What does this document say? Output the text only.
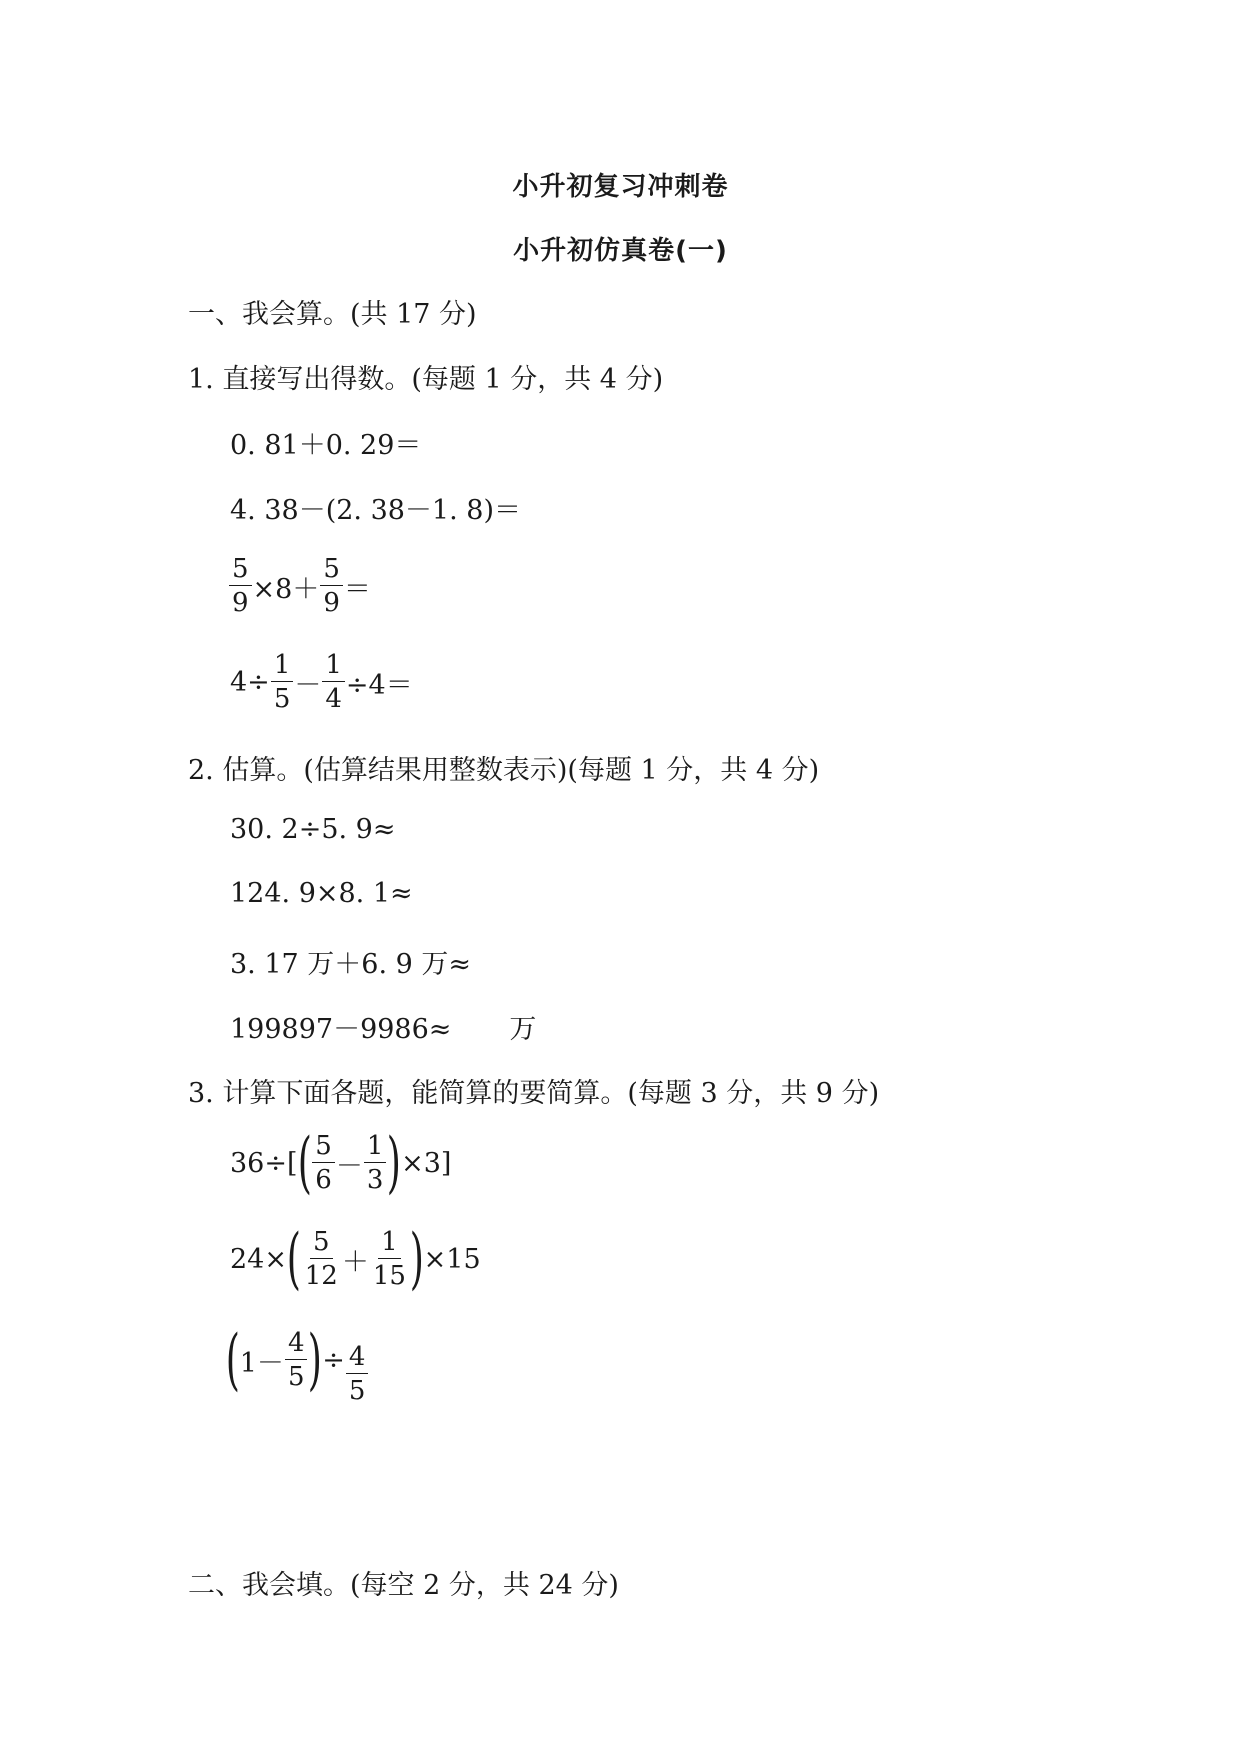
小升初复习冲刺卷
小升初仿真卷(一)
一、我会算。(共 17 分)
1. 直接写出得数。(每题 1 分，共 4 分)
0. 81＋0. 29＝
4. 38－(2. 38－1. 8)＝
$\frac{5}{9} \times 8+ \frac{5}{9}$ ＝
$4\div \frac{1}{5} - \frac{1}{4} \div 4=$
2. 估算。(估算结果用整数表示)(每题 1 分，共 4 分)
30. 2÷5. 9≈
124. 9×8. 1≈
3. 17 万＋6. 9 万≈
199897－9986≈ 万
3. 计算下面各题，能简算的要简算。(每题 3 分，共 9 分)
36÷[ ( $\frac{5}{6} - \frac{1}{3}$ ) ×3]
24× ( $\frac{5}{12} + \frac{1}{15}$ ) ×15
( $1- \frac{4}{5}$ ) ÷ $\frac{4}{5}$
二、我会填。(每空 2 分，共 24 分)
